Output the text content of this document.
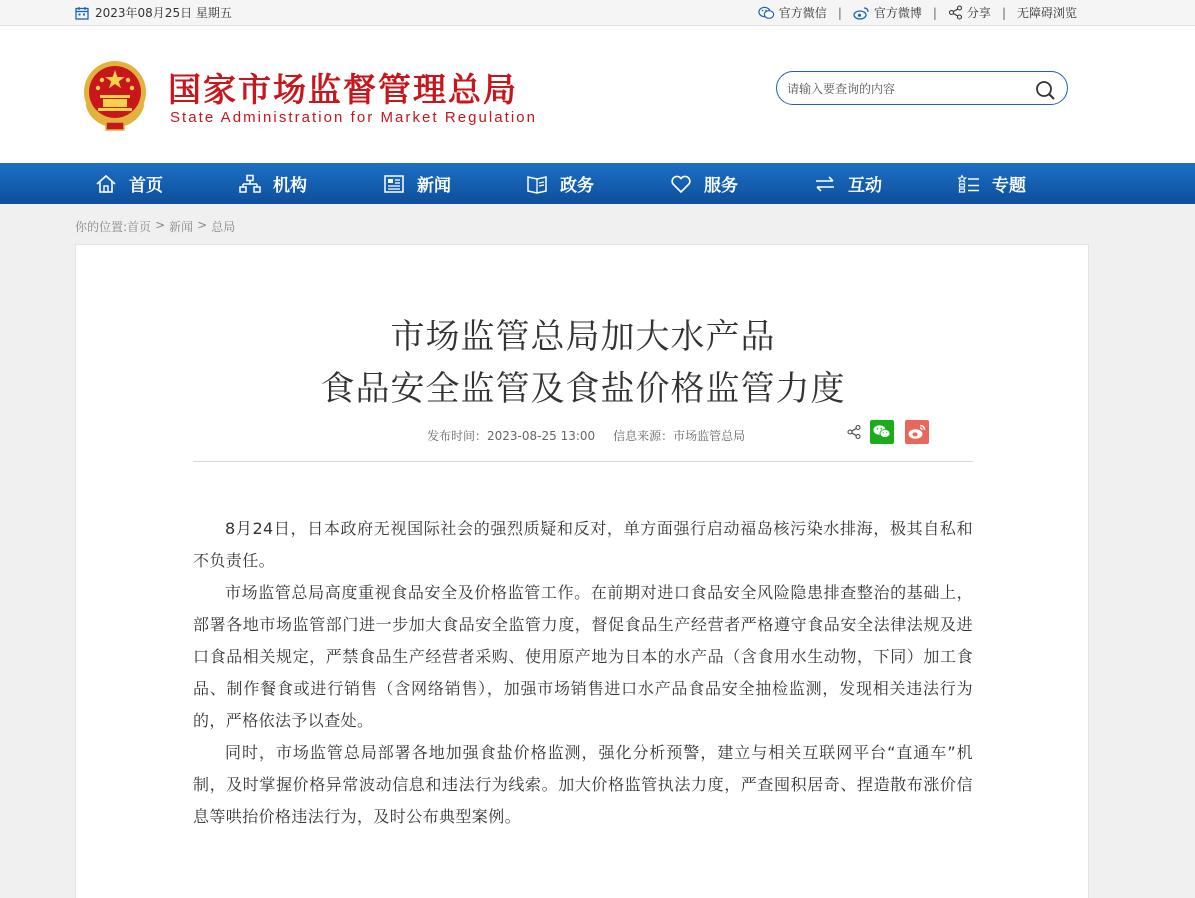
2023年08月25日 星期五	官方微信 |	官方微博 |	分享 | 无障碍浏览
国家市场监督管理总局
State Administration for Market Regulation
请输入要查询的内容
首页	机构	新闻	政务	服务	互动	专题
你的位置: 首页 > 新闻 > 总局
市场监管总局加大水产品
食品安全监管及食盐价格监管力度
发布时间：2023-08-25 13:00 信息来源：市场监管总局

8月24日，日本政府无视国际社会的强烈质疑和反对，单方面强行启动福岛核污染水排海，极其自私和不负责任。

市场监管总局高度重视食品安全及价格监管工作。在前期对进口食品安全风险隐患排查整治的基础上，部署各地市场监管部门进一步加大食品安全监管力度，督促食品生产经营者严格遵守食品安全法律法规及进口食品相关规定，严禁食品生产经营者采购、使用原产地为日本的水产品（含食用水生动物，下同）加工食品、制作餐食或进行销售（含网络销售），加强市场销售进口水产品食品安全抽检监测，发现相关违法行为的，严格依法予以查处。

同时，市场监管总局部署各地加强食盐价格监测，强化分析预警，建立与相关互联网平台“直通车”机制，及时掌握价格异常波动信息和违法行为线索。加大价格监管执法力度，严查囤积居奇、捏造散布涨价信息等哄抬价格违法行为，及时公布典型案例。
